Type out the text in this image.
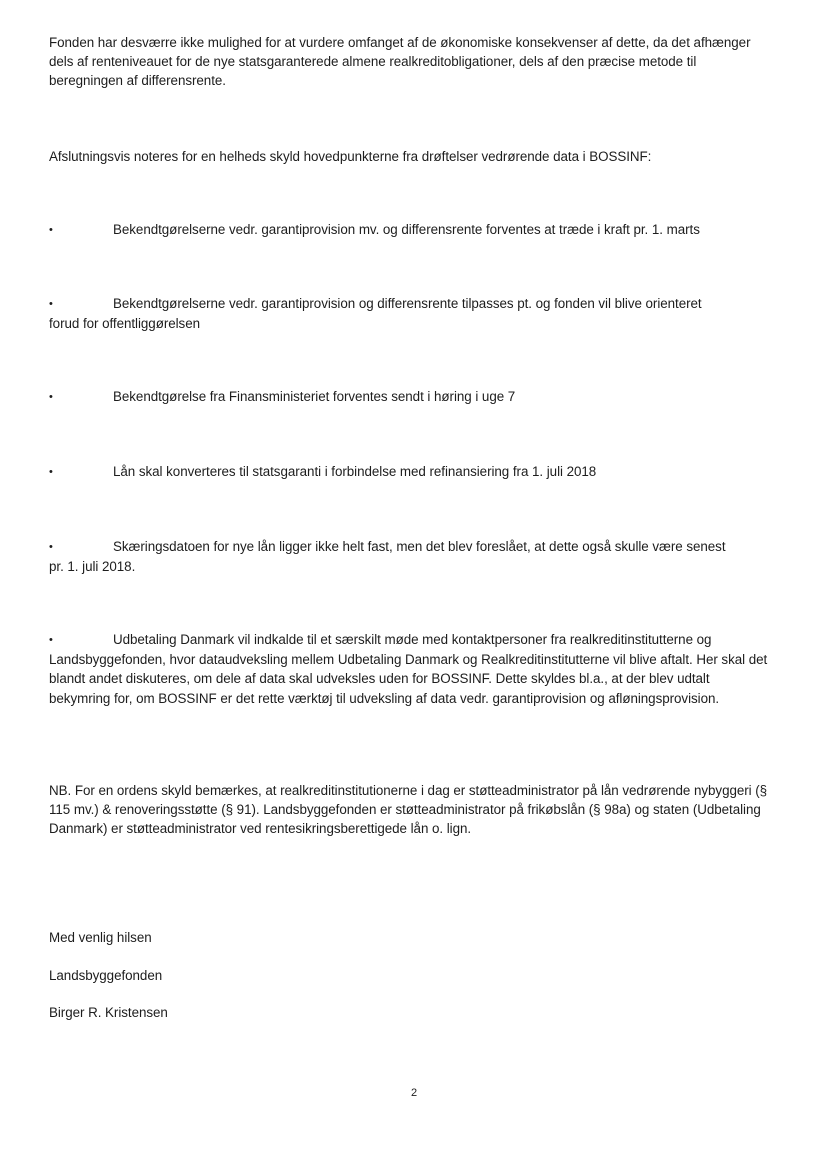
Fonden har desværre ikke mulighed for at vurdere omfanget af de økonomiske konsekvenser af dette, da det afhænger dels af renteniveauet for de nye statsgaranterede almene realkreditobligationer, dels af den præcise metode til beregningen af differensrente.

Afslutningsvis noteres for en helheds skyld hovedpunkterne fra drøftelser vedrørende data i BOSSINF:

•	Bekendtgørelserne vedr. garantiprovision mv. og differensrente forventes at træde i kraft pr. 1. marts
•	Bekendtgørelserne vedr. garantiprovision og differensrente tilpasses pt. og fonden vil blive orienteret
forud for offentliggørelsen
•	Bekendtgørelse fra Finansministeriet forventes sendt i høring i uge 7
•	Lån skal konverteres til statsgaranti i forbindelse med refinansiering fra 1. juli 2018
•	Skæringsdatoen for nye lån ligger ikke helt fast, men det blev foreslået, at dette også skulle være senest
pr. 1. juli 2018.
•	Udbetaling Danmark vil indkalde til et særskilt møde med kontaktpersoner fra realkreditinstitutterne og
Landsbyggefonden, hvor dataudveksling mellem Udbetaling Danmark og Realkreditinstitutterne vil blive aftalt. Her skal det blandt andet diskuteres, om dele af data skal udveksles uden for BOSSINF. Dette skyldes bl.a., at der blev udtalt bekymring for, om BOSSINF er det rette værktøj til udveksling af data vedr. garantiprovision og afløningsprovision.

NB. For en ordens skyld bemærkes, at realkreditinstitutionerne i dag er støtteadministrator på lån vedrørende nybyggeri (§ 115 mv.) & renoveringsstøtte (§ 91). Landsbyggefonden er støtteadministrator på frikøbslån (§ 98a) og staten (Udbetaling Danmark) er støtteadministrator ved rentesikringsberettigede lån o. lign.

Med venlig hilsen

Landsbyggefonden

Birger R. Kristensen

2
